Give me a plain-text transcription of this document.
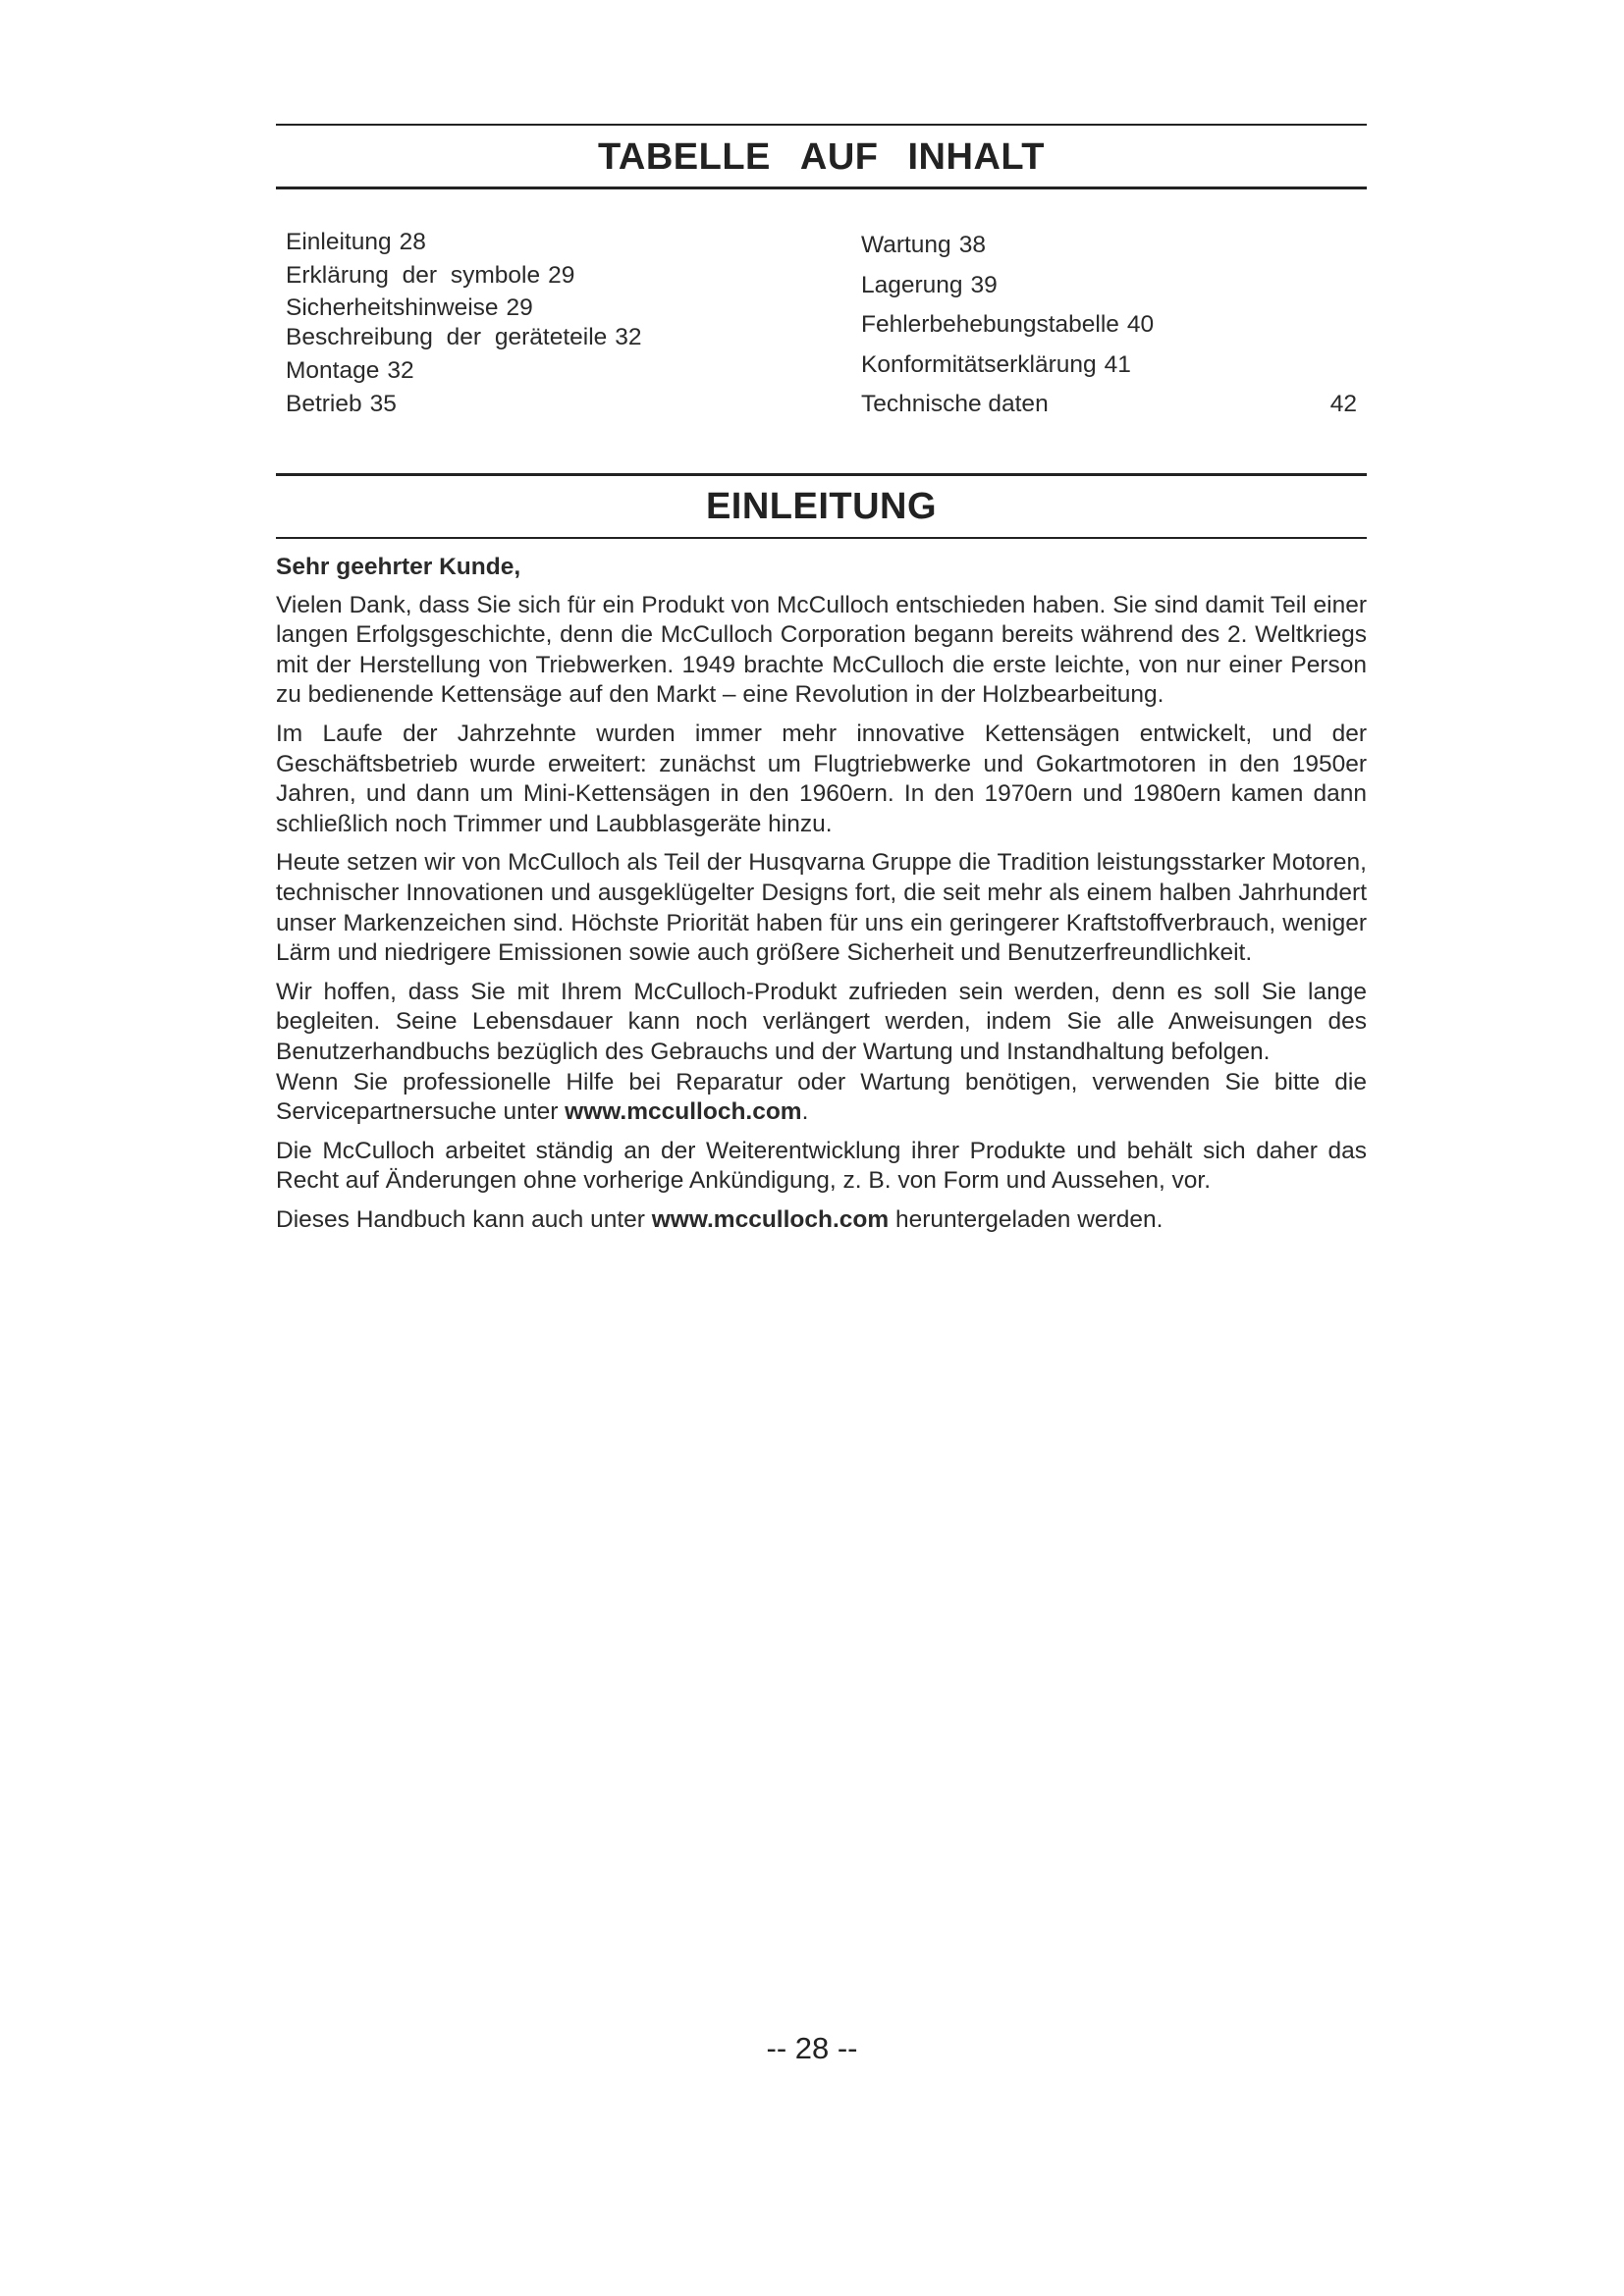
TABELLE AUF INHALT
Einleitung 28
Erklärung der symbole 29
Sicherheitshinweise 29
Beschreibung der geräteteile 32
Montage 32
Betrieb 35
Wartung 38
Lagerung 39
Fehlerbehebungstabelle 40
Konformitätserklärung 41
Technische daten	42
EINLEITUNG

Sehr geehrter Kunde,

Vielen Dank, dass Sie sich für ein Produkt von McCulloch entschieden haben. Sie sind damit Teil einer langen Erfolgsgeschichte, denn die McCulloch Corporation begann bereits während des 2. Weltkriegs mit der Herstellung von Triebwerken. 1949 brachte McCulloch die erste leichte, von nur einer Person zu bedienende Kettensäge auf den Markt – eine Revolution in der Holzbearbeitung.

Im Laufe der Jahrzehnte wurden immer mehr innovative Kettensägen entwickelt, und der Geschäftsbetrieb wurde erweitert: zunächst um Flugtriebwerke und Gokartmotoren in den 1950er Jahren, und dann um Mini-Kettensägen in den 1960ern. In den 1970ern und 1980ern kamen dann schließlich noch Trimmer und Laubblasgeräte hinzu.

Heute setzen wir von McCulloch als Teil der Husqvarna Gruppe die Tradition leistungsstarker Motoren, technischer Innovationen und ausgeklügelter Designs fort, die seit mehr als einem halben Jahrhundert unser Markenzeichen sind. Höchste Priorität haben für uns ein geringerer Kraftstoffverbrauch, weniger Lärm und niedrigere Emissionen sowie auch größere Sicherheit und Benutzerfreundlichkeit.

Wir hoffen, dass Sie mit Ihrem McCulloch-Produkt zufrieden sein werden, denn es soll Sie lange begleiten. Seine Lebensdauer kann noch verlängert werden, indem Sie alle Anweisungen des Benutzerhandbuchs bezüglich des Gebrauchs und der Wartung und Instandhaltung befolgen.

Wenn Sie professionelle Hilfe bei Reparatur oder Wartung benötigen, verwenden Sie bitte die Servicepartnersuche unter www.mcculloch.com.

Die McCulloch arbeitet ständig an der Weiterentwicklung ihrer Produkte und behält sich daher das Recht auf Änderungen ohne vorherige Ankündigung, z. B. von Form und Aussehen, vor.

Dieses Handbuch kann auch unter www.mcculloch.com heruntergeladen werden.

-- 28 --
